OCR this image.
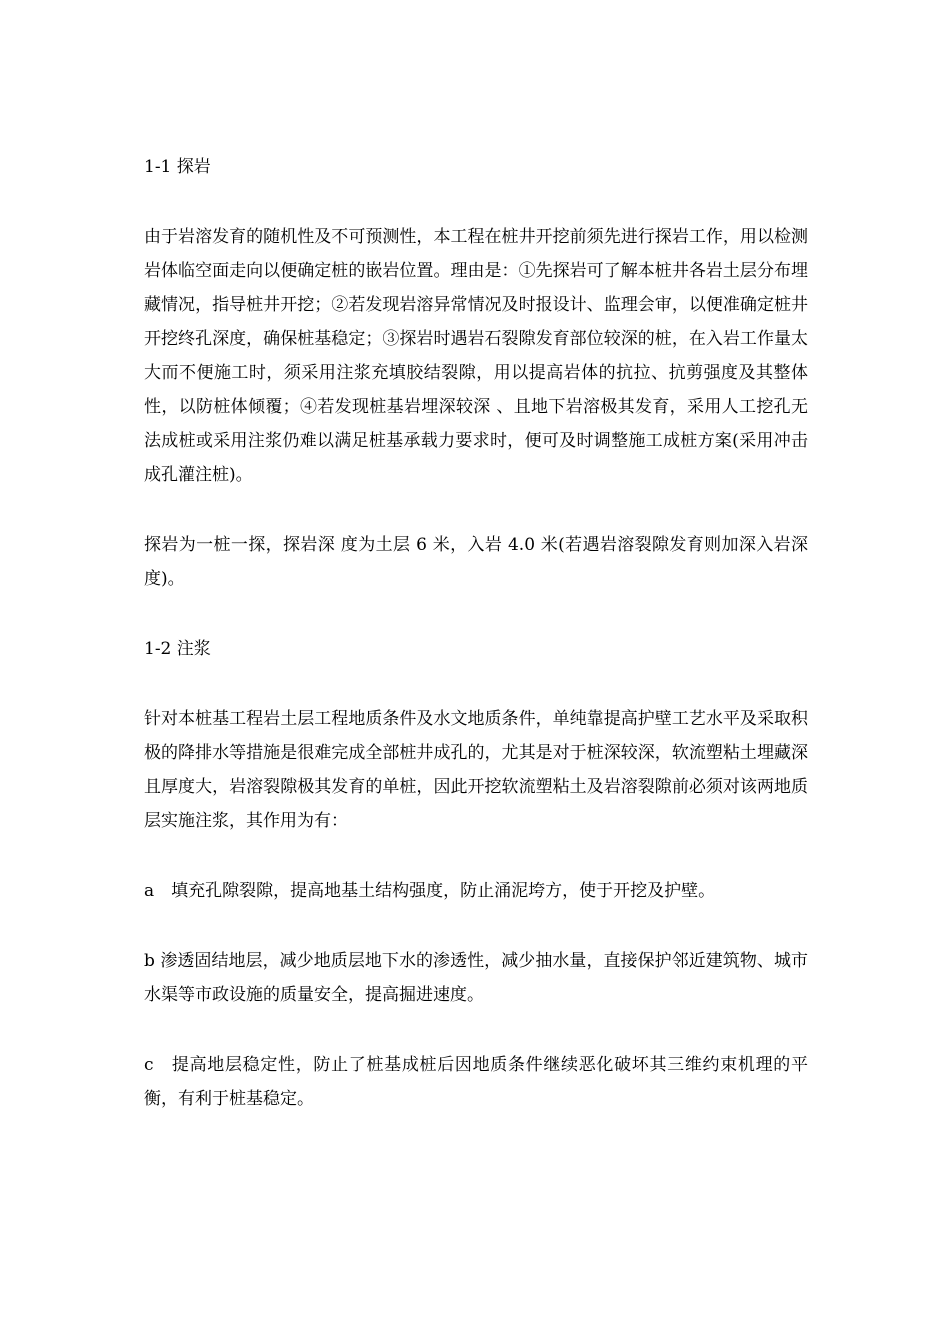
1-1 探岩

由于岩溶发育的随机性及不可预测性，本工程在桩井开挖前须先进行探岩工作，用以检测岩体临空面走向以便确定桩的嵌岩位置。理由是：①先探岩可了解本桩井各岩土层分布埋藏情况，指导桩井开挖；②若发现岩溶异常情况及时报设计、监理会审，以便准确定桩井开挖终孔深度，确保桩基稳定；③探岩时遇岩石裂隙发育部位较深的桩，在入岩工作量太大而不便施工时，须采用注浆充填胶结裂隙，用以提高岩体的抗拉、抗剪强度及其整体性，以防桩体倾覆；④若发现桩基岩埋深较深 、且地下岩溶极其发育，采用人工挖孔无法成桩或采用注浆仍难以满足桩基承载力要求时，便可及时调整施工成桩方案(采用冲击成孔灌注桩)。

探岩为一桩一探，探岩深 度为土层 6 米，入岩 4.0 米(若遇岩溶裂隙发育则加深入岩深度)。

1-2 注浆

针对本桩基工程岩土层工程地质条件及水文地质条件，单纯靠提高护壁工艺水平及采取积极的降排水等措施是很难完成全部桩井成孔的，尤其是对于桩深较深，软流塑粘土埋藏深且厚度大，岩溶裂隙极其发育的单桩，因此开挖软流塑粘土及岩溶裂隙前必须对该两地质层实施注浆，其作用为有：

a　填充孔隙裂隙，提高地基土结构强度，防止涌泥垮方，使于开挖及护壁。

b 渗透固结地层，减少地质层地下水的渗透性，减少抽水量，直接保护邻近建筑物、城市水渠等市政设施的质量安全，提高掘进速度。

c　提高地层稳定性，防止了桩基成桩后因地质条件继续恶化破坏其三维约束机理的平衡，有利于桩基稳定。
